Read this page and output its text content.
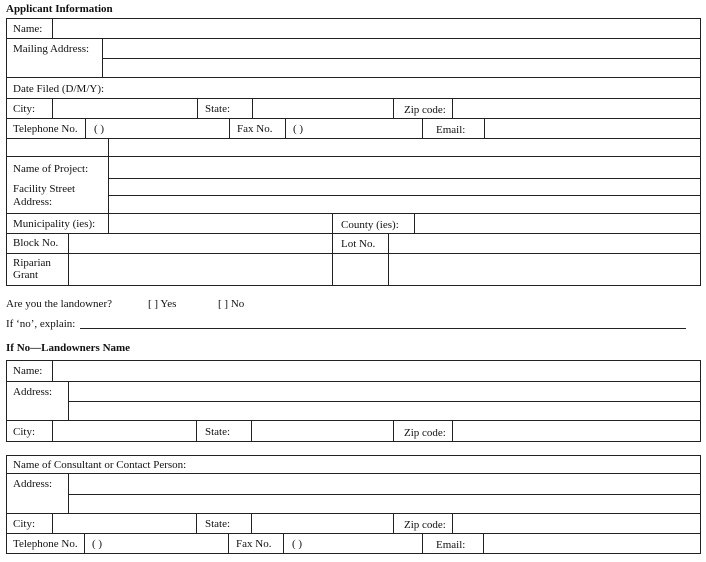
Applicant Information
Name:
Mailing Address:
Date Filed (D/M/Y):
City:	State:	Zip code:
Telephone No. ( )	Fax No. ( )	Email:
Name of Project:
Facility Street
Address:
Municipality (ies):	County (ies):
Block No.	Lot No.
Riparian
Grant
Are you the landowner?	[ ] Yes	[ ] No
If ‘no’, explain:
If No—Landowners Name
Name:
Address:
City:	State:	Zip code:
Name of Consultant or Contact Person:
Address:
City:	State:	Zip code:
Telephone No. ( )	Fax No. ( )	Email:
